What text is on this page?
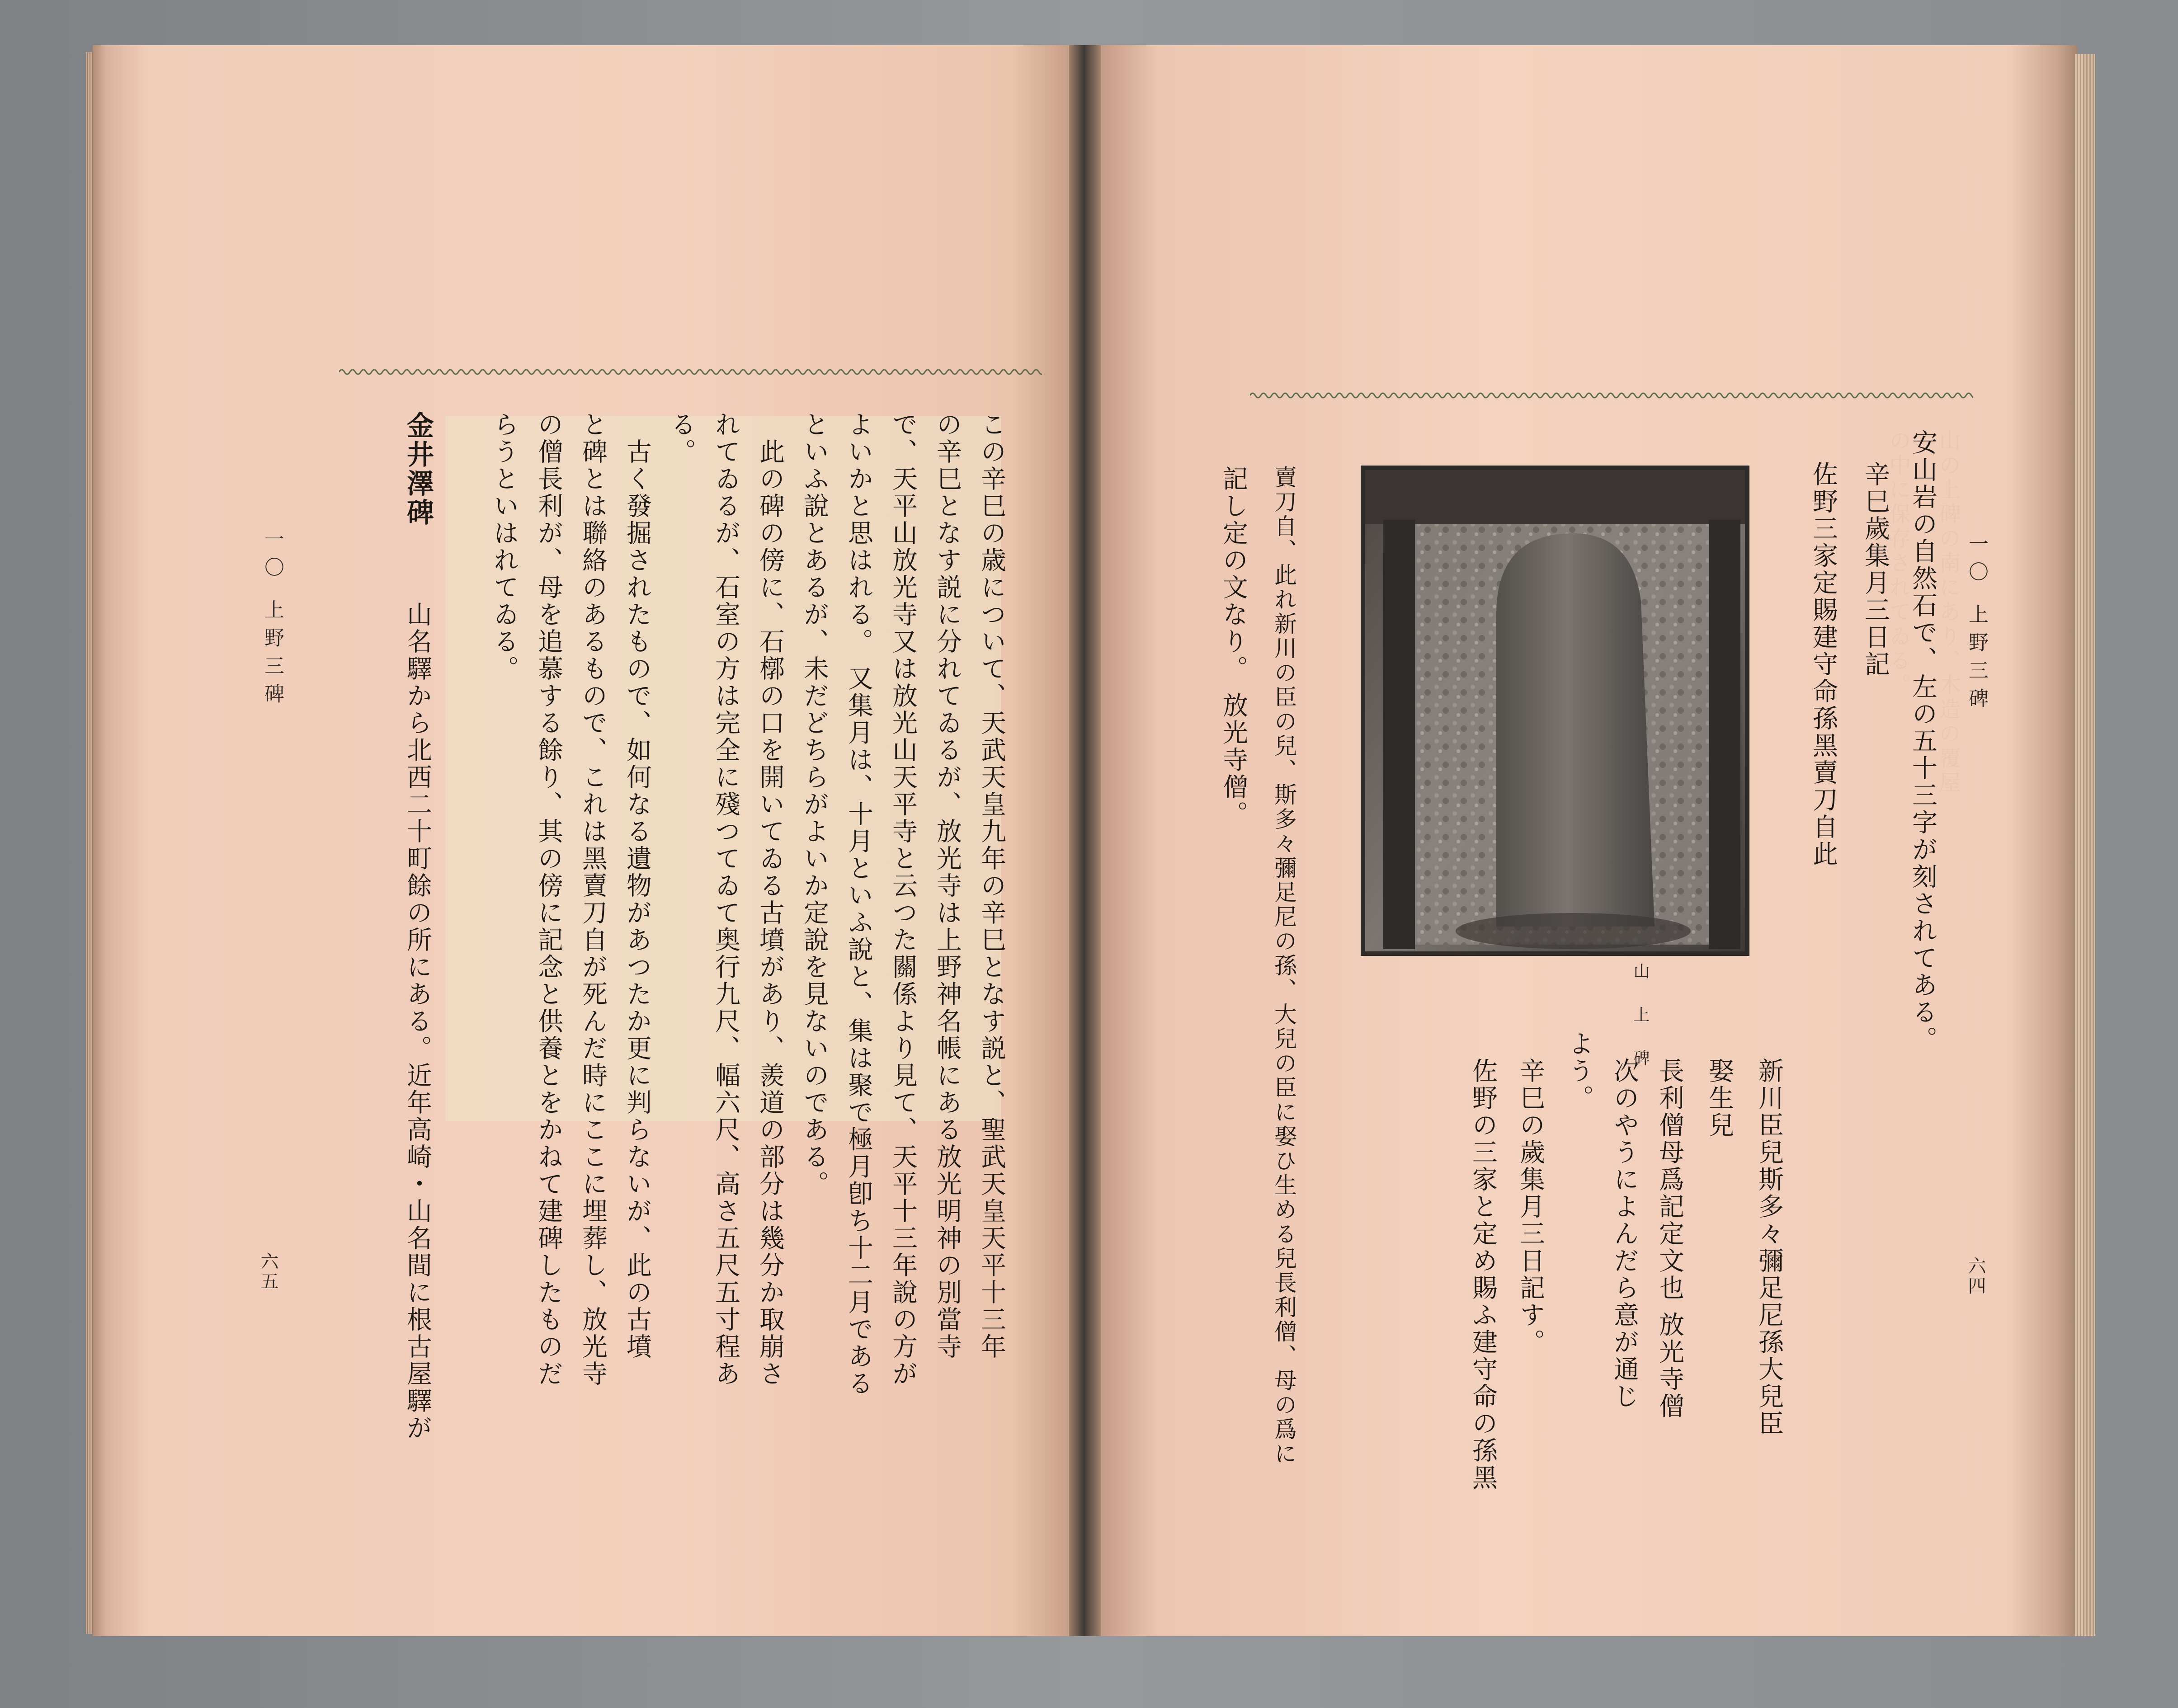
一〇 上野三碑
六五	この辛巳の歳について、天武天皇九年の辛巳となす説と、聖武天皇天平十三年
の辛巳となす説に分れてゐるが、放光寺は上野神名帳にある放光明神の別當寺
で、天平山放光寺又は放光山天平寺と云つた關係より見て、天平十三年說の方が
よいかと思はれる。 又集月は、十月といふ說と、集は聚で極月卽ち十二月である
といふ說とあるが、未だどちらがよいか定說を見ないのである。
此の碑の傍に、石槨の口を開いてゐる古墳があり、羨道の部分は幾分か取崩さ
れてゐるが、石室の方は完全に殘つてゐて奥行九尺、幅六尺、高さ五尺五寸程あ
る。
古く發掘されたもので、如何なる遺物があつたか更に判らないが、此の古墳
と碑とは聯絡のあるもので、これは黑賣刀自が死んだ時にここに埋葬し、放光寺
の僧長利が、母を追慕する餘り、其の傍に記念と供養とをかねて建碑したものだ
らうといはれてゐる。
金井澤碑
山名驛から北西二十町餘の所にある。近年高崎・山名間に根古屋驛が	山の上碑の南にあり、木造の覆屋
の中に保存されてゐる。	一〇 上野三碑
六四
安山岩の自然石で、左の五十三字が刻されてある。
辛巳歲集月三日記
佐野三家定賜建守命孫黑賣刀自此
新川臣兒斯多々彌足尼孫大兒臣
娶生兒
長利僧母爲記定文也 放光寺僧
次のやうによんだら意が通じ
よう。
辛巳の歲集月三日記す。
佐野の三家と定め賜ふ建守命の孫黑
賣刀自、此れ新川の臣の兒、斯多々彌足尼の孫、大兒の臣に娶ひ生める兒長利僧、母の爲に
記し定の文なり。 放光寺僧。
山上碑
